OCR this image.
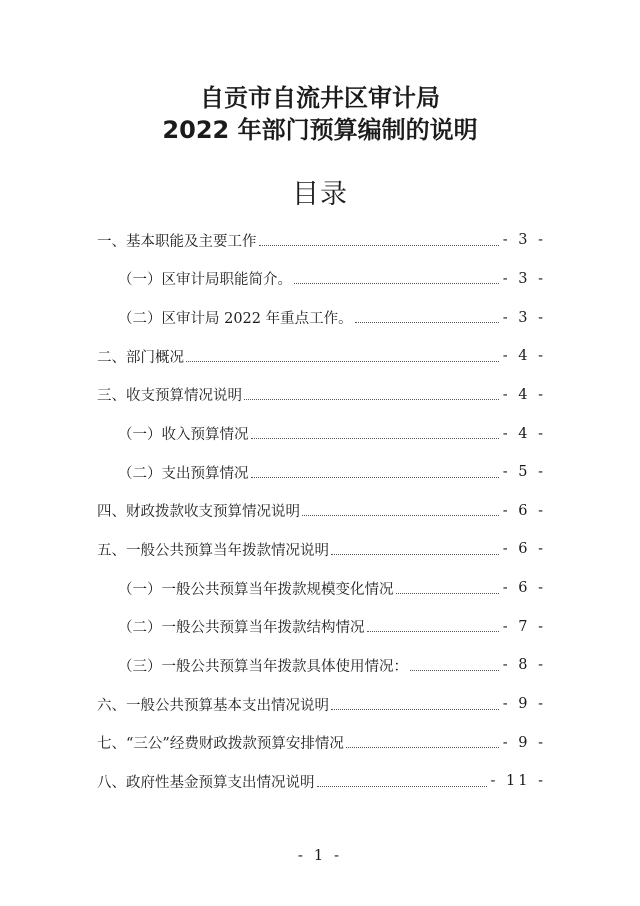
自贡市自流井区审计局
2022 年部门预算编制的说明
目录
一、基本职能及主要工作	- 3 -
（一）区审计局职能简介。	- 3 -
（二）区审计局 2022 年重点工作。	- 3 -
二、部门概况	- 4 -
三、收支预算情况说明	- 4 -
（一）收入预算情况	- 4 -
（二）支出预算情况	- 5 -
四、财政拨款收支预算情况说明	- 6 -
五、一般公共预算当年拨款情况说明	- 6 -
（一）一般公共预算当年拨款规模变化情况	- 6 -
（二）一般公共预算当年拨款结构情况	- 7 -
（三）一般公共预算当年拨款具体使用情况：	- 8 -
六、一般公共预算基本支出情况说明	- 9 -
七、“三公”经费财政拨款预算安排情况	- 9 -
八、政府性基金预算支出情况说明	- 11 -
- 1 -
